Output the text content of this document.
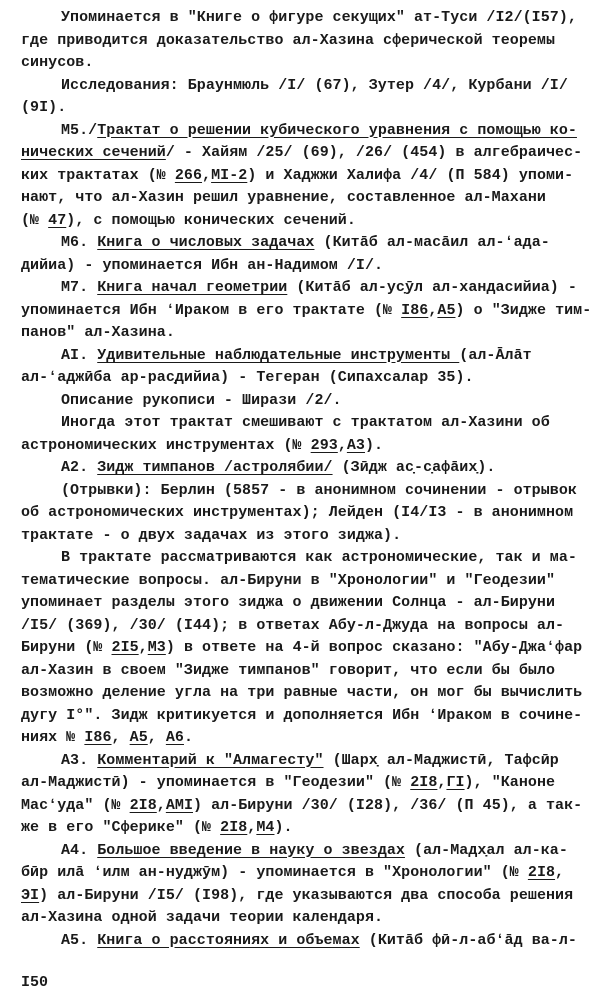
Упоминается в "Книге о фигуре секущих" ат-Туси /I2/(I57),
где приводится доказательство ал-Хазина сферической теоремы
синусов.
Исследования: Браунмюль /I/ (67), Зутер /4/, Курбани /I/
(9I).
М5./Трактат о решении кубического уравнения с помощью ко-
нических сечений/ - Хайям /25/ (69), /26/ (454) в алгебраичес-
ких трактатах (№ 266,МI-2) и Хаджжи Халифа /4/ (П 584) упоми-
нают, что ал-Хазин решил уравнение, составленное ал-Махани
(№ 47), с помощью конических сечений.
М6. Книга о числовых задачах (Китāб ал-масāил ал-ʻада-
дийиа) - упоминается Ибн ан-Надимом /I/.
М7. Книга начал геометрии (Китāб ал-ус̣ӯл ал-хандасийиа) -
упоминается Ибн ʻИраком в его трактате (№ I86,А5) о "Зидже тим-
панов" ал-Хазина.
АI. Удивительные наблюдательные инструменты (ал-Āлāт
ал-ʻаджӣба ар-рас̣дийиа) - Тегеран (Сипахсалар 35).
Описание рукописи - Ширази /2/.
Иногда этот трактат смешивают с трактатом ал-Хазини об
астрономических инструментах (№ 293,А3).
А2. Зидж тимпанов /астролябии/ (Зӣдж ас̣-с̣афāих̣).
(Отрывки): Берлин (5857 - в анонимном сочинении - отрывок
об астрономических инструментах); Лейден (I4/I3 - в анонимном
трактате - о двух задачах из этого зиджа).
В трактате рассматриваются как астрономические, так и ма-
тематические вопросы. ал-Бируни в "Хронологии" и "Геодезии"
упоминает разделы этого зиджа о движении Солнца - ал-Бируни
/I5/ (369), /30/ (I44); в ответах Абу-л-Джуда на вопросы ал-
Бируни (№ 2I5,М3) в ответе на 4-й вопрос сказано: "Абу-Джаʻфар
ал-Хазин в своем "Зидже тимпанов" говорит, что если бы было
возможно деление угла на три равные части, он мог бы вычислить
дугу I°". Зидж критикуется и дополняется Ибн ʻИраком в сочине-
ниях № I86, А5, А6.
А3. Комментарий к "Алмагесту" (Шарх̣ ал-Маджистӣ, Тафсӣр
ал-Маджистӣ) - упоминается в "Геодезии" (№ 2I8,ГI), "Каноне
Масʻуда" (№ 2I8,АМI) ал-Бируни /30/ (I28), /36/ (П 45), а так-
же в его "Сферике" (№ 2I8,М4).
А4. Большое введение в науку о звездах (ал-Мадх̣ал ал-ка-
бӣр илā ʻилм ан-нуджӯм) - упоминается в "Хронологии" (№ 2I8,
ЭI) ал-Бируни /I5/ (I98), где указываются два способа решения
ал-Хазина одной задачи теории календаря.
А5. Книга о расстояниях и объемах (Китāб фӣ-л-абʻāд ва-л-
I50
